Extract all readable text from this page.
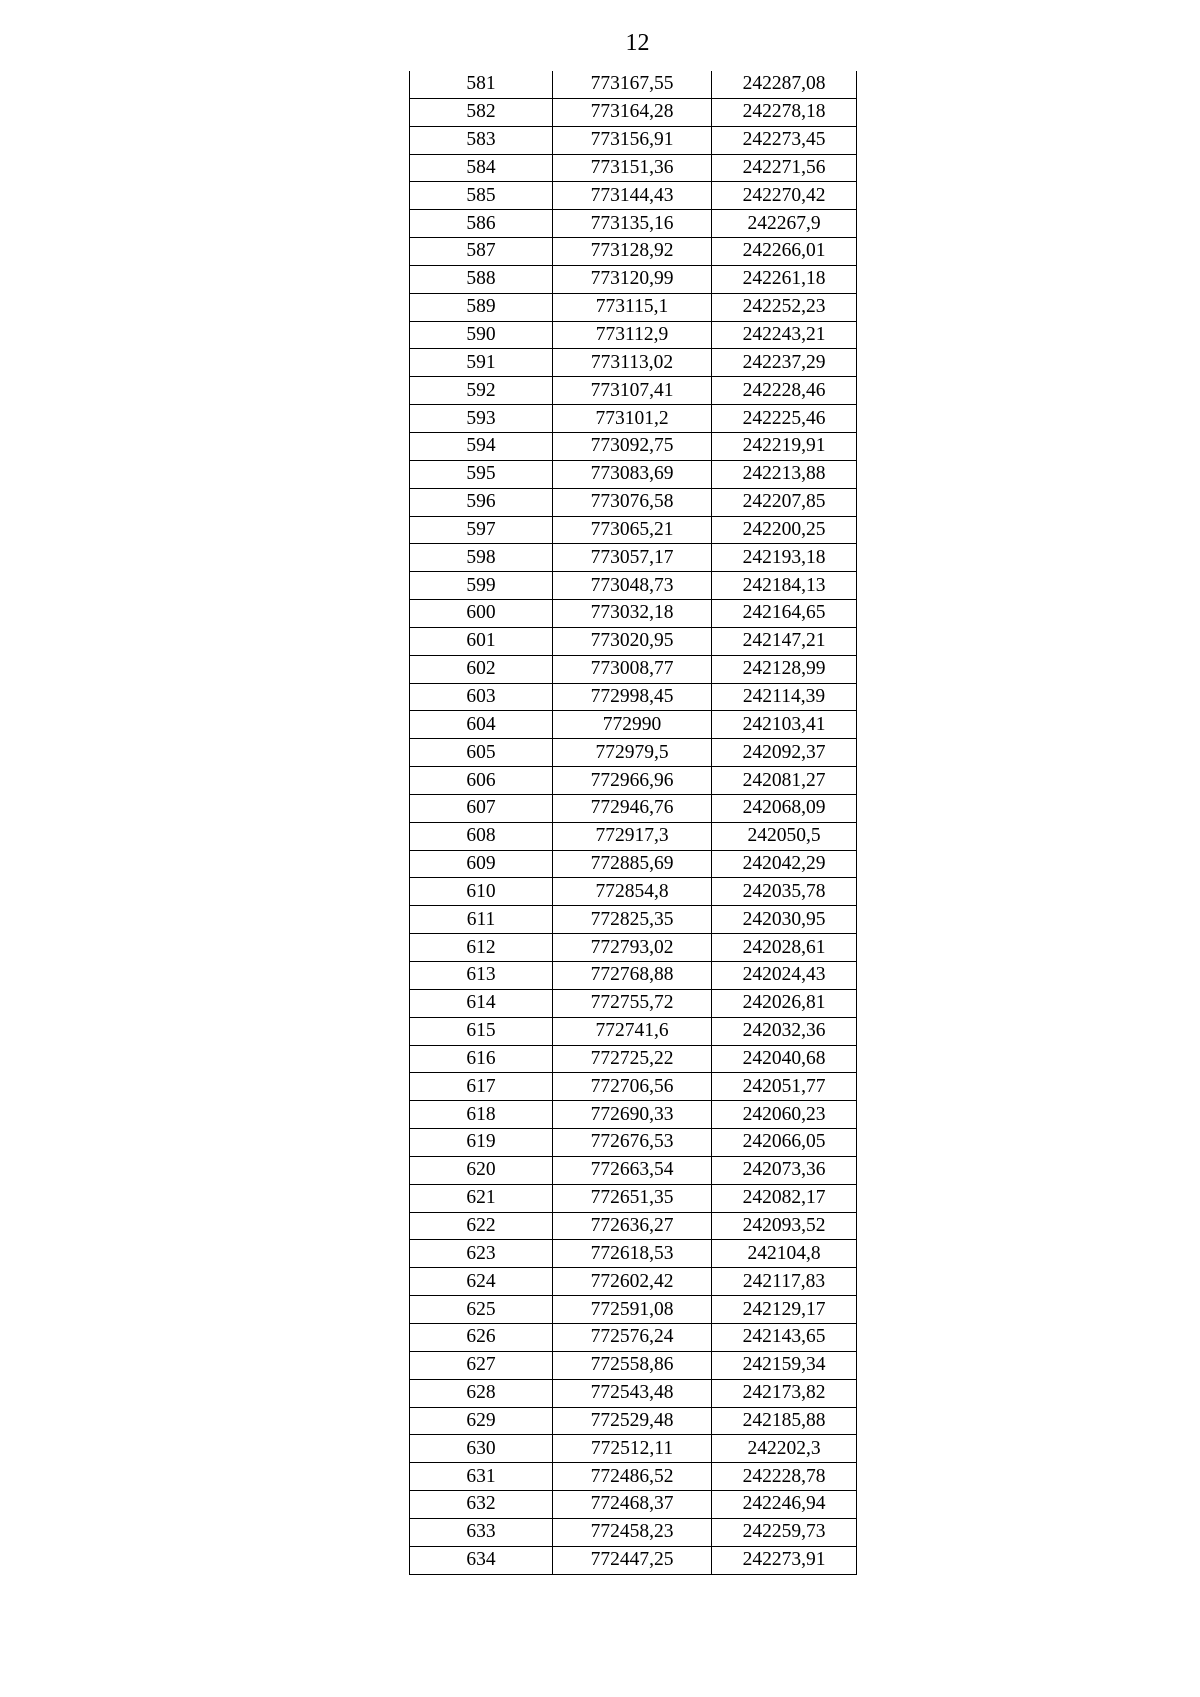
12
581	773167,55	242287,08
582	773164,28	242278,18
583	773156,91	242273,45
584	773151,36	242271,56
585	773144,43	242270,42
586	773135,16	242267,9
587	773128,92	242266,01
588	773120,99	242261,18
589	773115,1	242252,23
590	773112,9	242243,21
591	773113,02	242237,29
592	773107,41	242228,46
593	773101,2	242225,46
594	773092,75	242219,91
595	773083,69	242213,88
596	773076,58	242207,85
597	773065,21	242200,25
598	773057,17	242193,18
599	773048,73	242184,13
600	773032,18	242164,65
601	773020,95	242147,21
602	773008,77	242128,99
603	772998,45	242114,39
604	772990	242103,41
605	772979,5	242092,37
606	772966,96	242081,27
607	772946,76	242068,09
608	772917,3	242050,5
609	772885,69	242042,29
610	772854,8	242035,78
611	772825,35	242030,95
612	772793,02	242028,61
613	772768,88	242024,43
614	772755,72	242026,81
615	772741,6	242032,36
616	772725,22	242040,68
617	772706,56	242051,77
618	772690,33	242060,23
619	772676,53	242066,05
620	772663,54	242073,36
621	772651,35	242082,17
622	772636,27	242093,52
623	772618,53	242104,8
624	772602,42	242117,83
625	772591,08	242129,17
626	772576,24	242143,65
627	772558,86	242159,34
628	772543,48	242173,82
629	772529,48	242185,88
630	772512,11	242202,3
631	772486,52	242228,78
632	772468,37	242246,94
633	772458,23	242259,73
634	772447,25	242273,91
